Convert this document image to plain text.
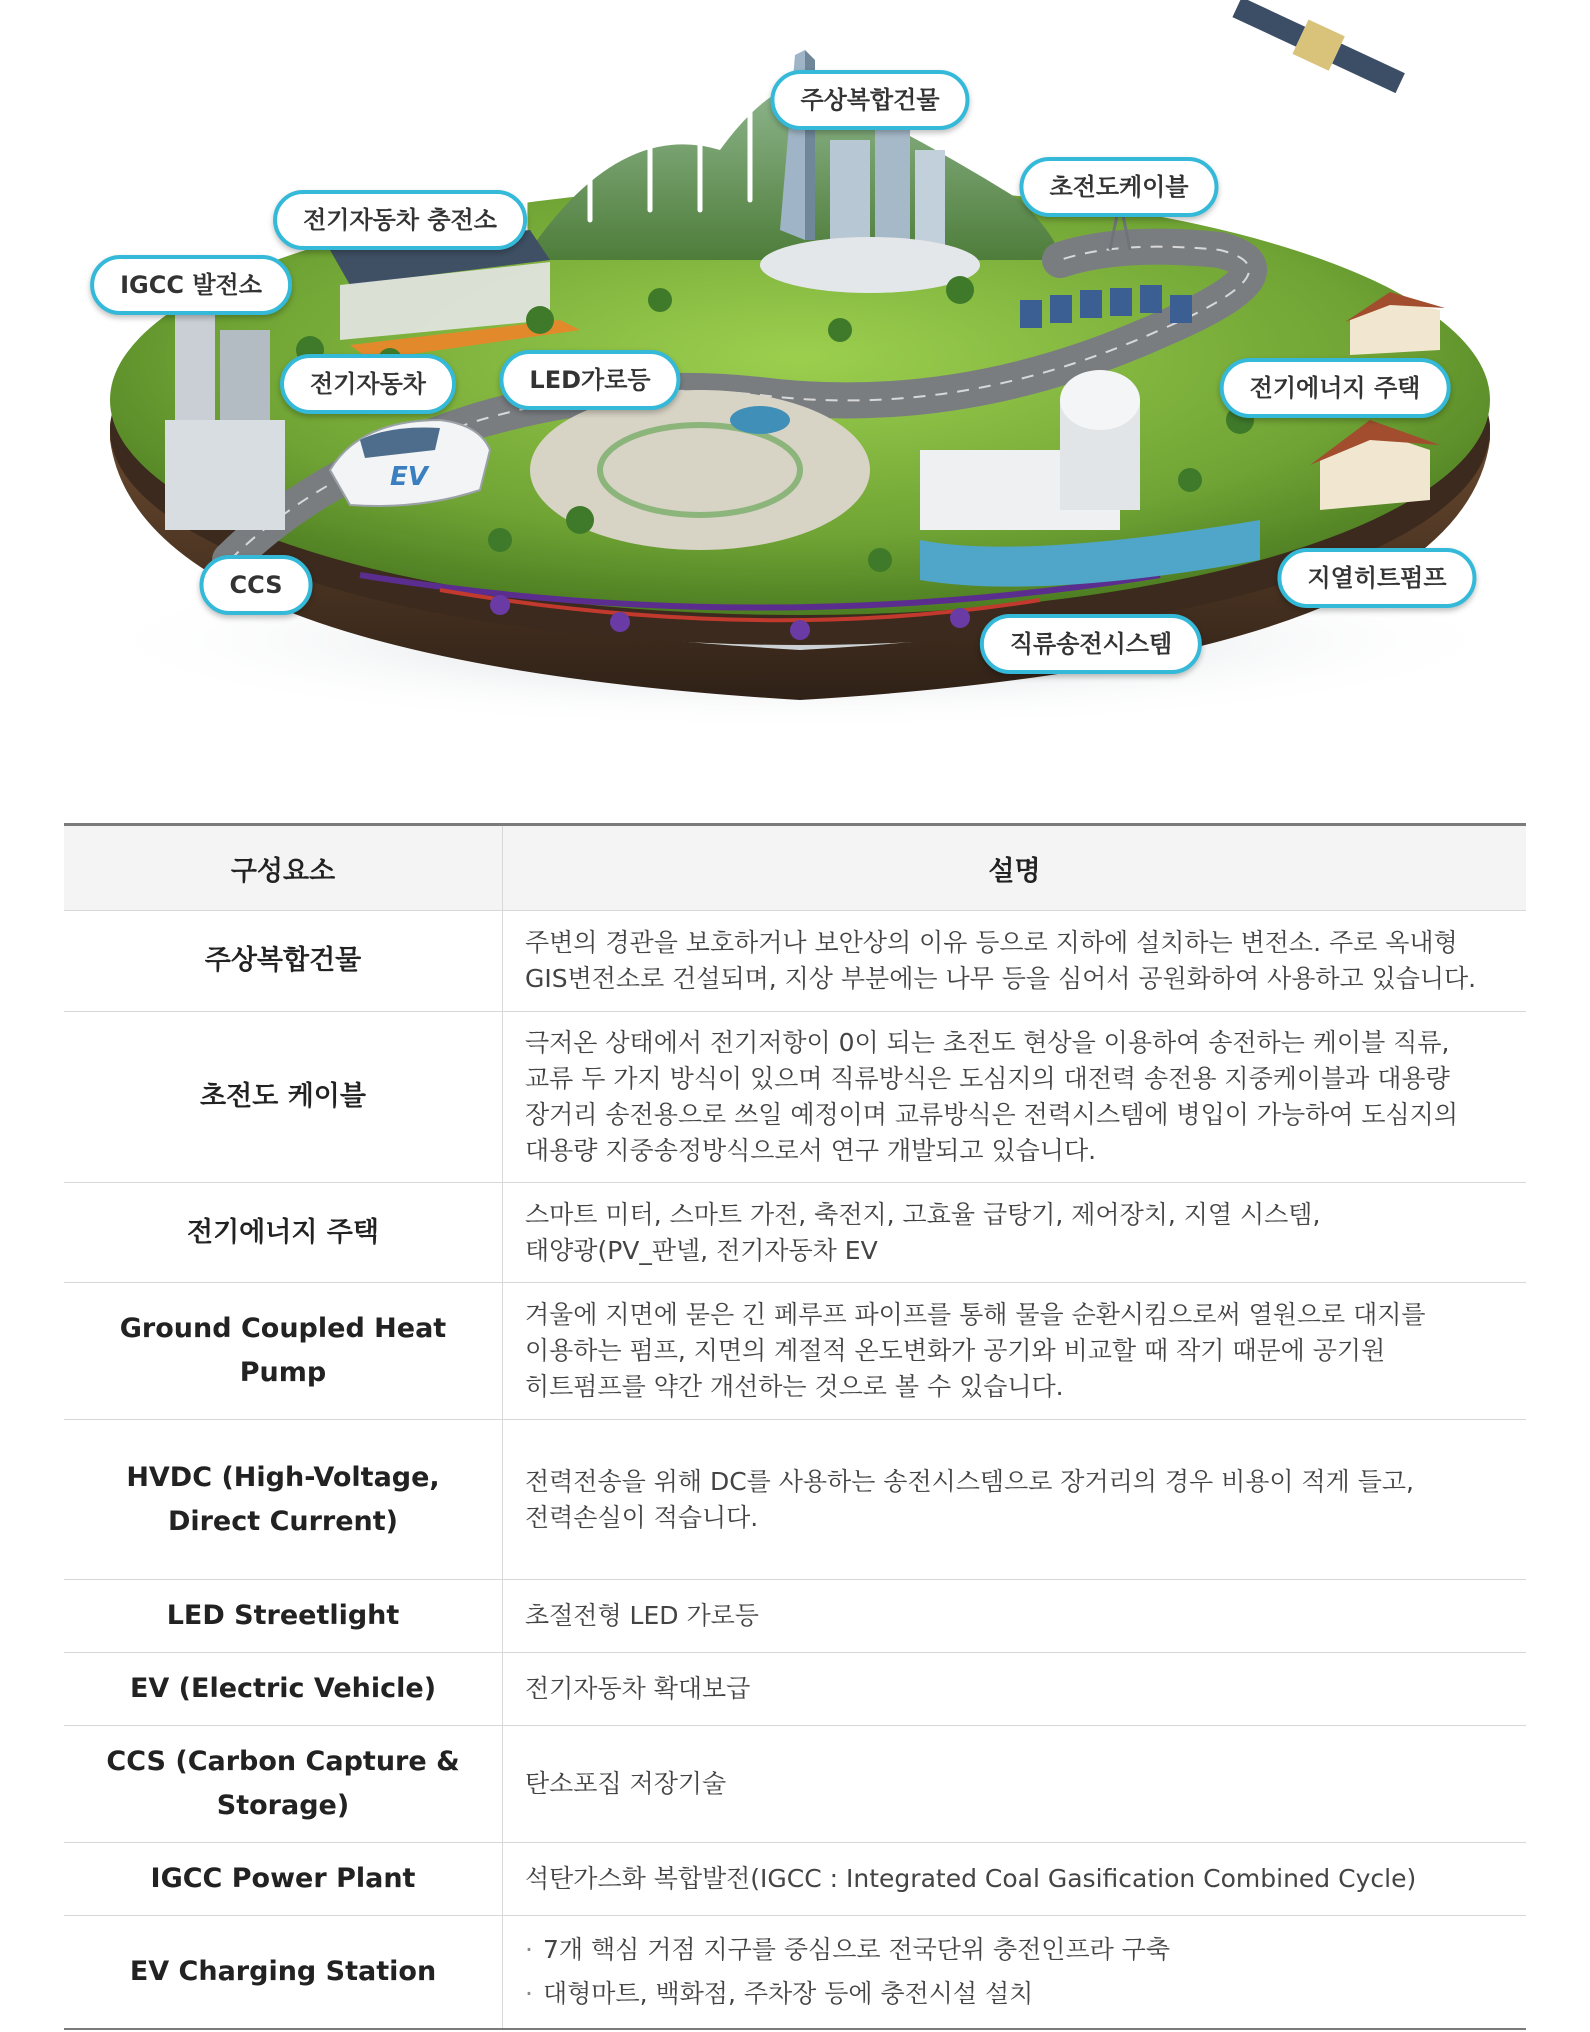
EV
주상복합건물
초전도케이블
전기자동차 충전소
IGCC 발전소
전기자동차	LED가로등	전기에너지 주택
CCS	지열히트펌프
직류송전시스템
구성요소	설명
주상복합건물	주변의 경관을 보호하거나 보안상의 이유 등으로 지하에 설치하는 변전소. 주로 옥내형
GIS변전소로 건설되며, 지상 부분에는 나무 등을 심어서 공원화하여 사용하고 있습니다.

초전도 케이블	극저온 상태에서 전기저항이 0이 되는 초전도 현상을 이용하여 송전하는 케이블 직류,
교류 두 가지 방식이 있으며 직류방식은 도심지의 대전력 송전용 지중케이블과 대용량
장거리 송전용으로 쓰일 예정이며 교류방식은 전력시스템에 병입이 가능하여 도심지의
대용량 지중송정방식으로서 연구 개발되고 있습니다.

전기에너지 주택	스마트 미터, 스마트 가전, 축전지, 고효율 급탕기, 제어장치, 지열 시스템,
태양광(PV_판넬, 전기자동차 EV

Ground Coupled Heat Pump	겨울에 지면에 묻은 긴 페루프 파이프를 통해 물을 순환시킴으로써 열원으로 대지를
이용하는 펌프, 지면의 계절적 온도변화가 공기와 비교할 때 작기 때문에 공기원
히트펌프를 약간 개선하는 것으로 볼 수 있습니다.

HVDC (High-Voltage, Direct Current)	전력전송을 위해 DC를 사용하는 송전시스템으로 장거리의 경우 비용이 적게 들고,
전력손실이 적습니다.

LED Streetlight	초절전형 LED 가로등

EV (Electric Vehicle)	전기자동차 확대보급

CCS (Carbon Capture & Storage)	탄소포집 저장기술

IGCC Power Plant	석탄가스화 복합발전(IGCC : Integrated Coal Gasification Combined Cycle)

EV Charging Station	· 7개 핵심 거점 지구를 중심으로 전국단위 충전인프라 구축
· 대형마트, 백화점, 주차장 등에 충전시설 설치
